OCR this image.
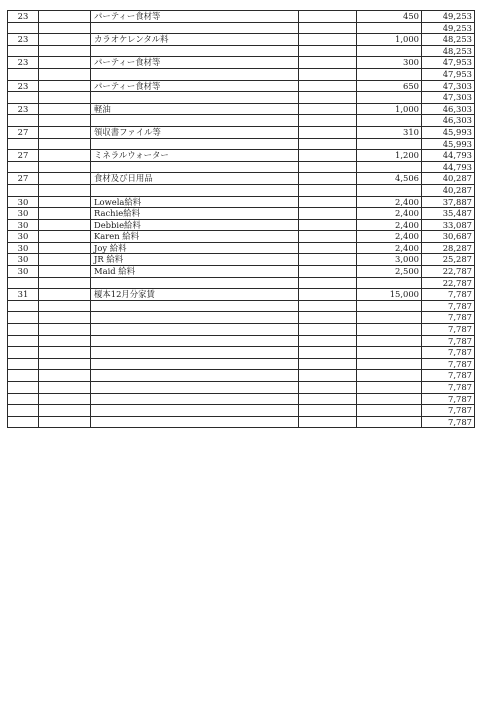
23		パーティー食材等		450	49,253
					49,253
23		カラオケレンタル料		1,000	48,253
					48,253
23		パーティー食材等		300	47,953
					47,953
23		パーティー食材等		650	47,303
					47,303
23		軽油		1,000	46,303
					46,303
27		領収書ファイル等		310	45,993
					45,993
27		ミネラルウォーター		1,200	44,793
					44,793
27		食材及び日用品		4,506	40,287
					40,287
30		Lowela給料		2,400	37,887
30		Rachie給料		2,400	35,487
30		Debbie給料		2,400	33,087
30		Karen 給料		2,400	30,687
30		Joy 給料		2,400	28,287
30		JR 給料		3,000	25,287
30		Maid 給料		2,500	22,787
					22,787
31		榎本12月分家賃		15,000	7,787
					7,787
					7,787
					7,787
					7,787
					7,787
					7,787
					7,787
					7,787
					7,787
					7,787
					7,787
